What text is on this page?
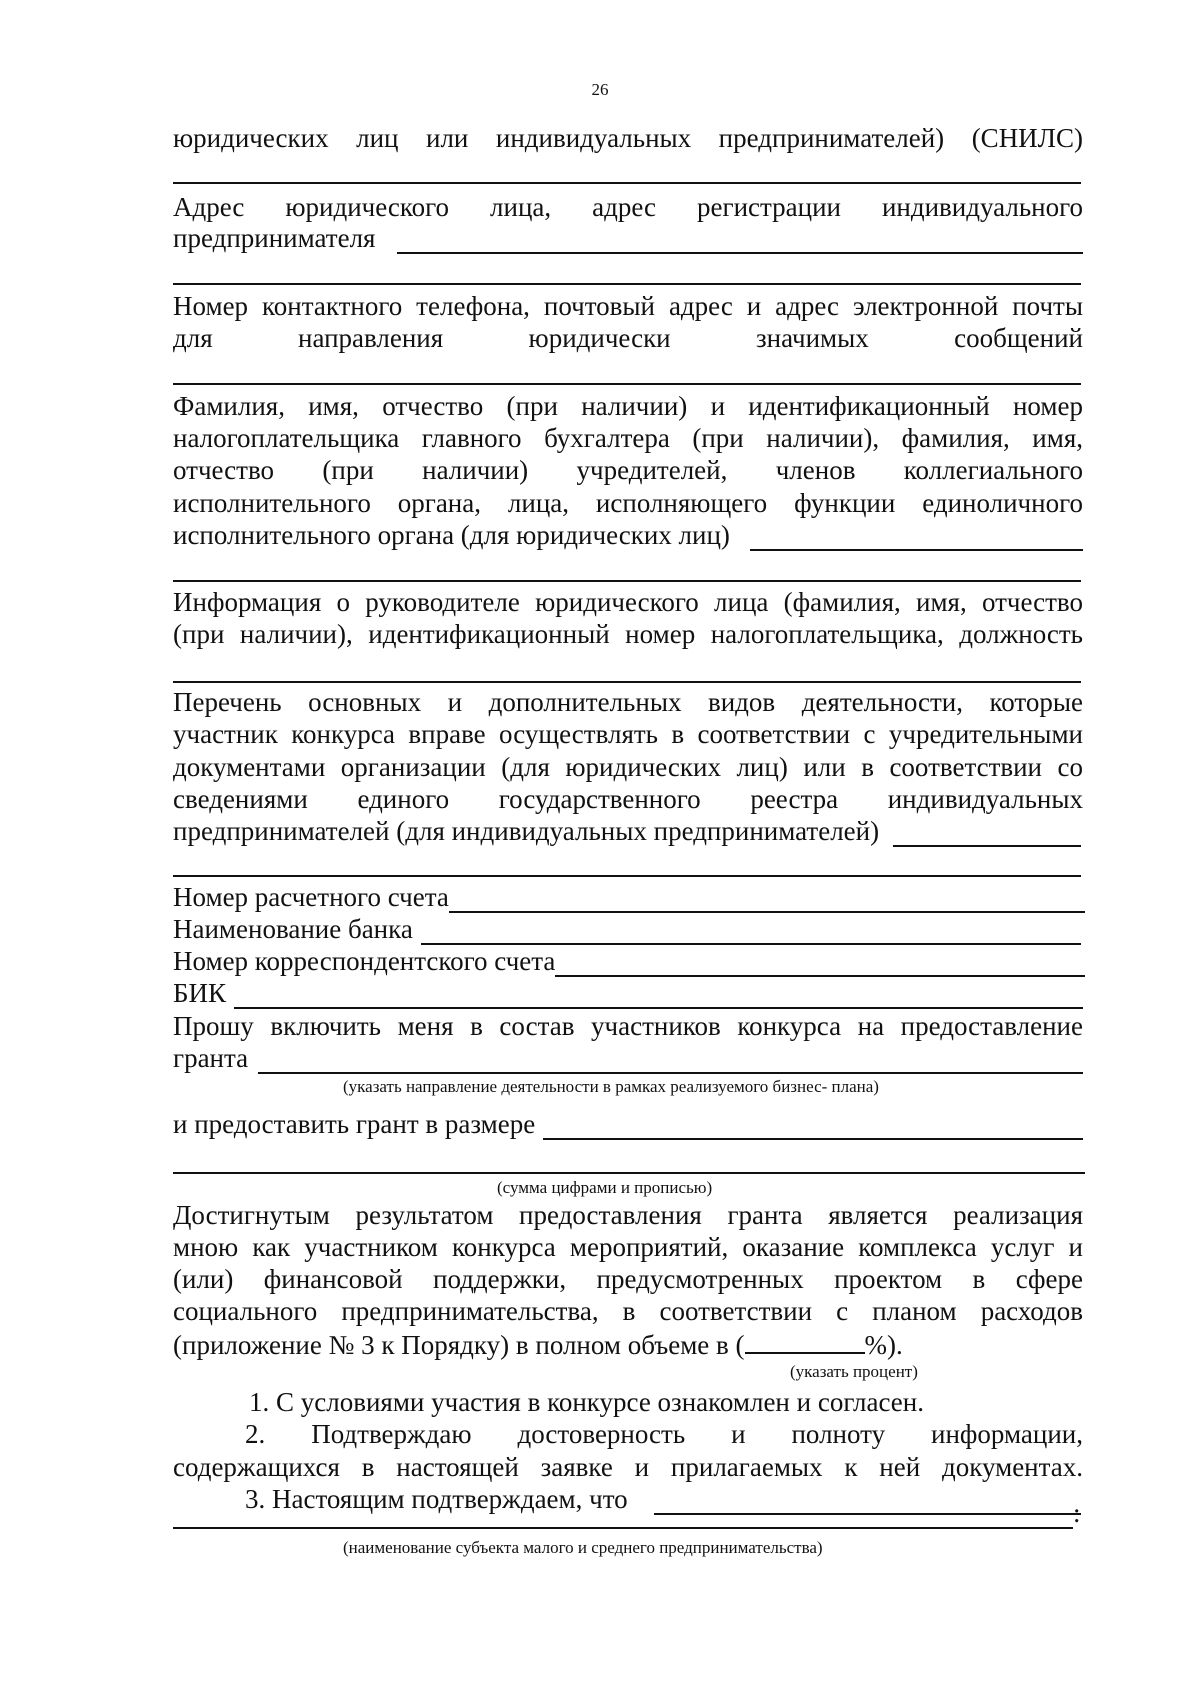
26
юридических лиц или индивидуальных предпринимателей) (СНИЛС)
Адрес юридического лица, адрес регистрации индивидуального
предпринимателя
Номер контактного телефона, почтовый адрес и адрес электронной почты
для направления юридически значимых сообщений
Фамилия, имя, отчество (при наличии) и идентификационный номер
налогоплательщика главного бухгалтера (при наличии), фамилия, имя,
отчество (при наличии) учредителей, членов коллегиального
исполнительного органа, лица, исполняющего функции единоличного
исполнительного органа (для юридических лиц)
Информация о руководителе юридического лица (фамилия, имя, отчество
(при наличии), идентификационный номер налогоплательщика, должность
Перечень основных и дополнительных видов деятельности, которые
участник конкурса вправе осуществлять в соответствии с учредительными
документами организации (для юридических лиц) или в соответствии со
сведениями единого государственного реестра индивидуальных
предпринимателей (для индивидуальных предпринимателей)
Номер расчетного счета
Наименование банка
Номер корреспондентского счета
БИК
Прошу включить меня в состав участников конкурса на предоставление
гранта
(указать направление деятельности в рамках реализуемого бизнес- плана)
и предоставить грант в размере
(сумма цифрами и прописью)
Достигнутым результатом предоставления гранта является реализация
мною как участником конкурса мероприятий, оказание комплекса услуг и
(или) финансовой поддержки, предусмотренных проектом в сфере
социального предпринимательства, в соответствии с планом расходов
(приложение № 3 к Порядку) в полном объеме в (	%).
(указать процент)
1. С условиями участия в конкурсе ознакомлен и согласен.
2. Подтверждаю достоверность и полноту информации,
содержащихся в настоящей заявке и прилагаемых к ней документах.
3. Настоящим подтверждаем, что	:
(наименование субъекта малого и среднего предпринимательства)
